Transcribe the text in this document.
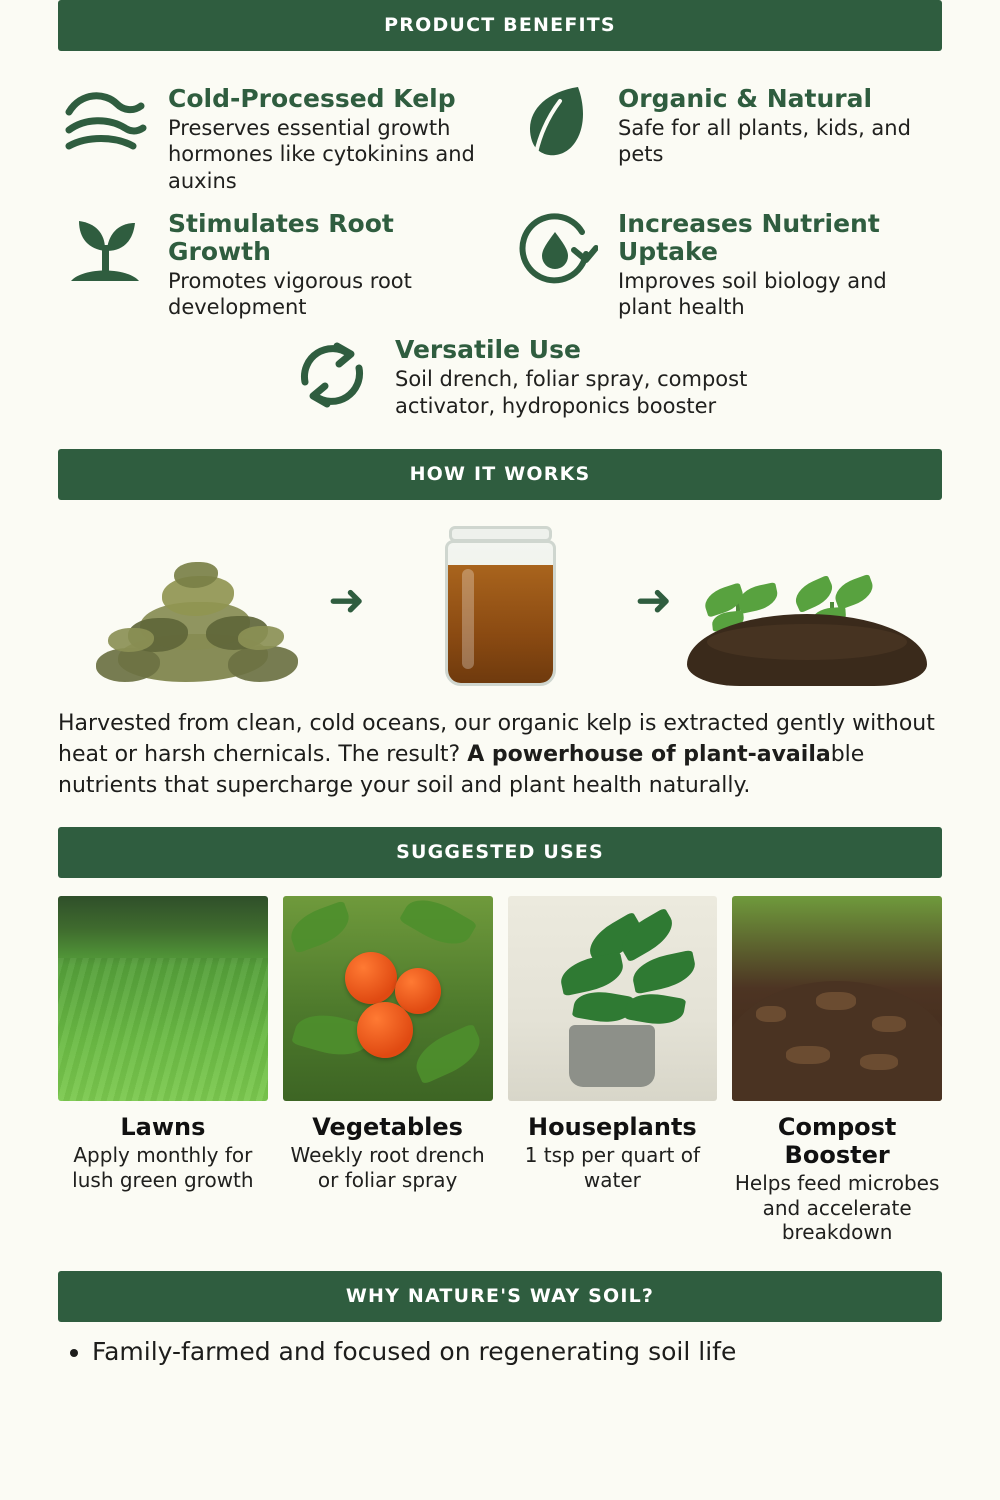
PRODUCT BENEFITS
Cold-Processed Kelp

Preserves essential growth hormones like cytokinins and auxins

Organic & Natural

Safe for all plants, kids, and pets

Stimulates Root Growth

Promotes vigorous root development

Increases Nutrient Uptake

Improves soil biology and plant health

Versatile Use

Soil drench, foliar spray, compost activator, hydroponics booster

HOW IT WORKS
➜	➜

Harvested from clean, cold oceans, our organic kelp is extracted gently without heat or harsh chernicals. The result? A powerhouse of plant-available nutrients that supercharge your soil and plant health naturally.

SUGGESTED USES
Lawns
Apply monthly for lush green growth
Vegetables
Weekly root drench or foliar spray
Houseplants
1 tsp per quart of water
Compost Booster
Helps feed microbes and accelerate breakdown
WHY NATURE'S WAY SOIL?
• Family-farmed and focused on regenerating soil life
